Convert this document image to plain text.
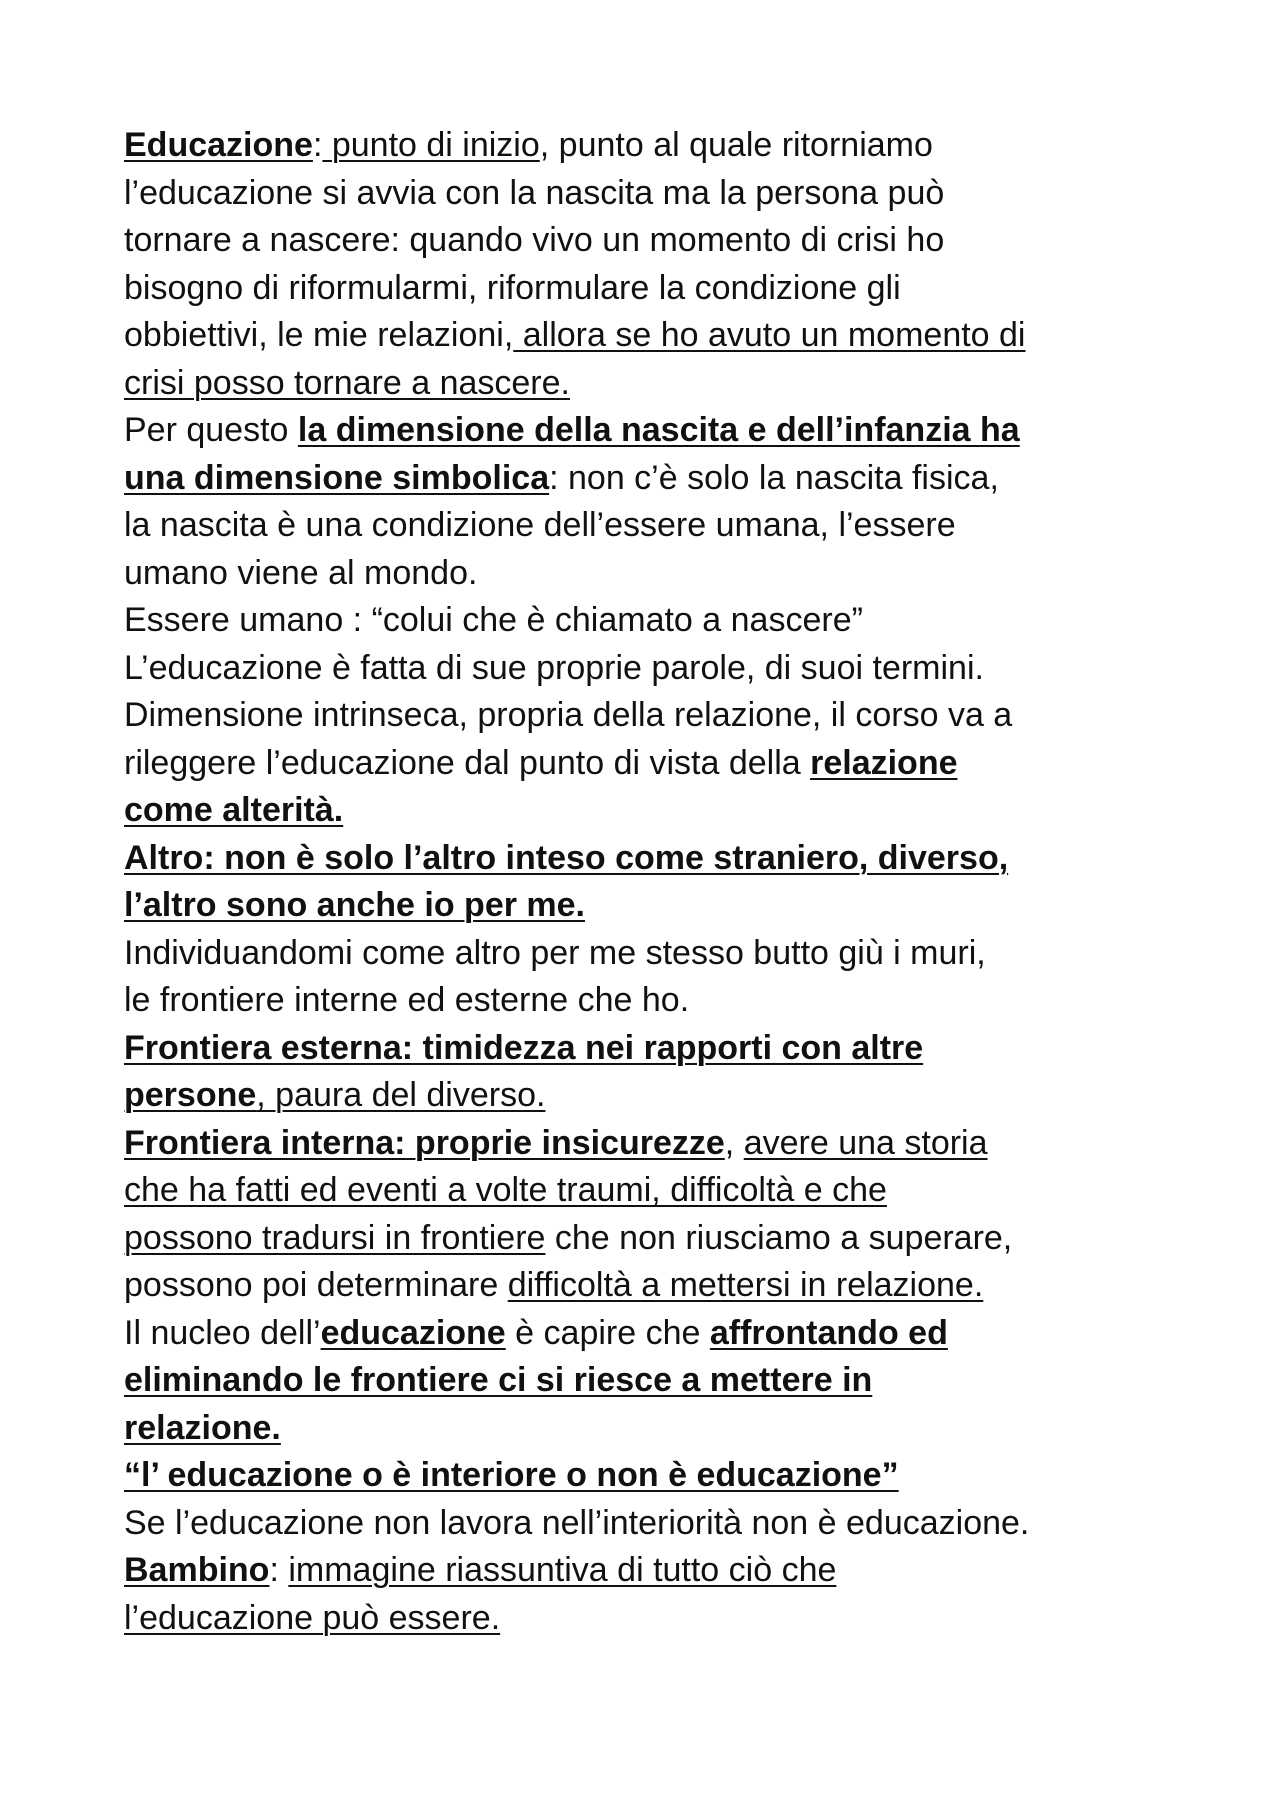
Educazione: punto di inizio, punto al quale ritorniamo
l’educazione si avvia con la nascita ma la persona può
tornare a nascere: quando vivo un momento di crisi ho
bisogno di riformularmi, riformulare la condizione gli
obbiettivi, le mie relazioni, allora se ho avuto un momento di
crisi posso tornare a nascere.
Per questo la dimensione della nascita e dell’infanzia ha
una dimensione simbolica: non c’è solo la nascita fisica,
la nascita è una condizione dell’essere umana, l’essere
umano viene al mondo.
Essere umano : “colui che è chiamato a nascere”
L’educazione è fatta di sue proprie parole, di suoi termini.
Dimensione intrinseca, propria della relazione, il corso va a
rileggere l’educazione dal punto di vista della relazione
come alterità.
Altro: non è solo l’altro inteso come straniero, diverso,
l’altro sono anche io per me.
Individuandomi come altro per me stesso butto giù i muri,
le frontiere interne ed esterne che ho.
Frontiera esterna: timidezza nei rapporti con altre
persone, paura del diverso.
Frontiera interna: proprie insicurezze, avere una storia
che ha fatti ed eventi a volte traumi, difficoltà e che
possono tradursi in frontiere che non riusciamo a superare,
possono poi determinare difficoltà a mettersi in relazione.
Il nucleo dell’educazione è capire che affrontando ed
eliminando le frontiere ci si riesce a mettere in
relazione.
“l’ educazione o è interiore o non è educazione”
Se l’educazione non lavora nell’interiorità non è educazione.
Bambino: immagine riassuntiva di tutto ciò che
l’educazione può essere.
